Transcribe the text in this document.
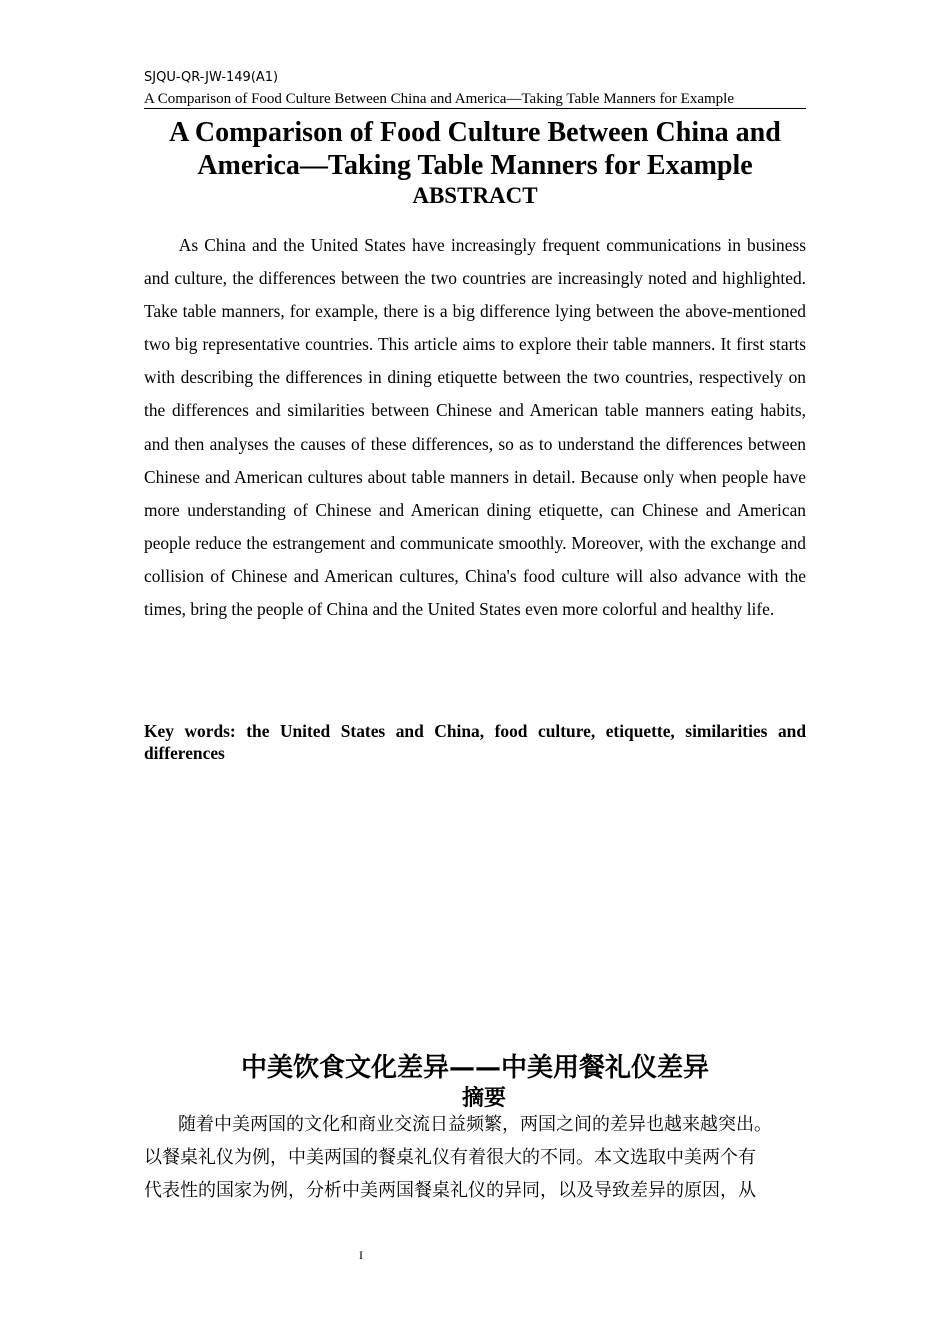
SJQU-QR-JW-149(A1)
A Comparison of Food Culture Between China and America—Taking Table Manners for Example
A Comparison of Food Culture Between China and America—Taking Table Manners for Example
ABSTRACT

As China and the United States have increasingly frequent communications in business and culture, the differences between the two countries are increasingly noted and highlighted. Take table manners, for example, there is a big difference lying between the above-mentioned two big representative countries. This article aims to explore their table manners. It first starts with describing the differences in dining etiquette between the two countries, respectively on the differences and similarities between Chinese and American table manners eating habits, and then analyses the causes of these differences, so as to understand the differences between Chinese and American cultures about table manners in detail. Because only when people have more understanding of Chinese and American dining etiquette, can Chinese and American people reduce the estrangement and communicate smoothly. Moreover, with the exchange and collision of Chinese and American cultures, China's food culture will also advance with the times, bring the people of China and the United States even more colorful and healthy life.

Key words: the United States and China, food culture, etiquette, similarities and differences

中美饮食文化差异——中美用餐礼仪差异
摘要
随着中美两国的文化和商业交流日益频繁，两国之间的差异也越来越突出。
以餐桌礼仪为例，中美两国的餐桌礼仪有着很大的不同。本文选取中美两个有
代表性的国家为例，分析中美两国餐桌礼仪的异同，以及导致差异的原因，从
I
